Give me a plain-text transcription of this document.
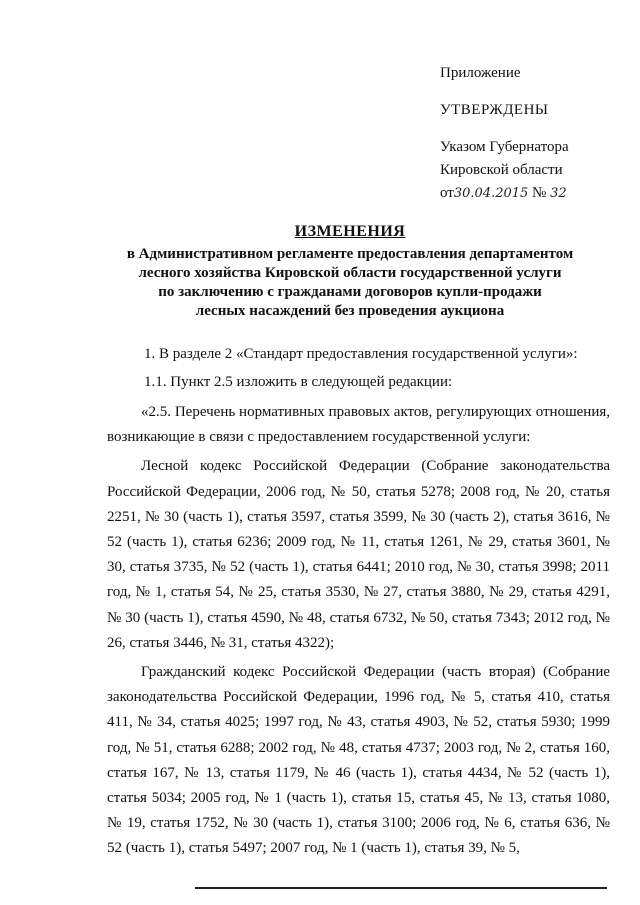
Приложение
УТВЕРЖДЕНЫ
Указом Губернатора
Кировской области
от30.04.2015 № 32
ИЗМЕНЕНИЯ
в Административном регламенте предоставления департаментом
лесного хозяйства Кировской области государственной услуги
по заключению с гражданами договоров купли-продажи
лесных насаждений без проведения аукциона

1. В разделе 2 «Стандарт предоставления государственной услуги»:

1.1. Пункт 2.5 изложить в следующей редакции:

«2.5. Перечень нормативных правовых актов, регулирующих отношения, возникающие в связи с предоставлением государственной услуги:

Лесной кодекс Российской Федерации (Собрание законодательства Российской Федерации, 2006 год, № 50, статья 5278; 2008 год, № 20, статья 2251, № 30 (часть 1), статья 3597, статья 3599, № 30 (часть 2), статья 3616, № 52 (часть 1), статья 6236; 2009 год, № 11, статья 1261, № 29, статья 3601, № 30, статья 3735, № 52 (часть 1), статья 6441; 2010 год, № 30, статья 3998; 2011 год, № 1, статья 54, № 25, статья 3530, № 27, статья 3880, № 29, статья 4291, № 30 (часть 1), статья 4590, № 48, статья 6732, № 50, статья 7343; 2012 год, № 26, статья 3446, № 31, статья 4322);

Гражданский кодекс Российской Федерации (часть вторая) (Собрание законодательства Российской Федерации, 1996 год, № 5, статья 410, статья 411, № 34, статья 4025; 1997 год, № 43, статья 4903, № 52, статья 5930; 1999 год, № 51, статья 6288; 2002 год, № 48, статья 4737; 2003 год, № 2, статья 160, статья 167, № 13, статья 1179, № 46 (часть 1), статья 4434, № 52 (часть 1), статья 5034; 2005 год, № 1 (часть 1), статья 15, статья 45, № 13, статья 1080, № 19, статья 1752, № 30 (часть 1), статья 3100; 2006 год, № 6, статья 636, № 52 (часть 1), статья 5497; 2007 год, № 1 (часть 1), статья 39, № 5,
